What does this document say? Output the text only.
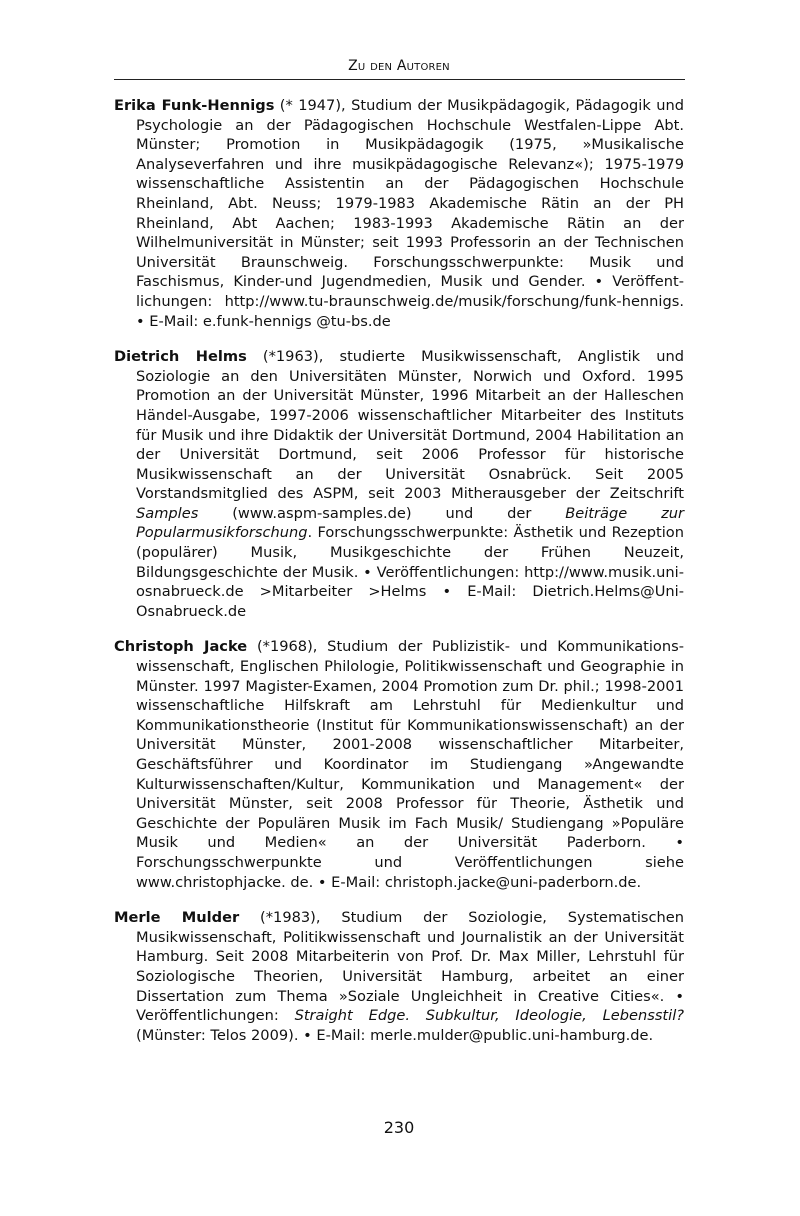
Zu den Autoren

Erika Funk-Hennigs (* 1947), Studium der Musikpädagogik, Pädagogik und Psychologie an der Pädagogischen Hochschule Westfalen-Lippe Abt. Münster; Promotion in Musikpädagogik (1975, »Musikalische Analyseverfahren und ihre musikpädagogische Relevanz«); 1975-1979 wissenschaftliche Assistentin an der Pädagogischen Hochschule Rheinland, Abt. Neuss; 1979-1983 Akademische Rätin an der PH Rheinland, Abt Aachen; 1983-1993 Akademische Rätin an der Wilhelmuniversität in Münster; seit 1993 Professorin an der Technischen Universität Braunschweig. Forschungsschwerpunkte: Musik und Faschismus, Kinder-und Jugendmedien, Musik und Gender. • Veröffentlichungen: http://www.tu-braunschweig.de/musik/forschung/funk-hennigs. • E-Mail: e.funk-hennigs @tu-bs.de

Dietrich Helms (*1963), studierte Musikwissenschaft, Anglistik und Soziologie an den Universitäten Münster, Norwich und Oxford. 1995 Promotion an der Universität Münster, 1996 Mitarbeit an der Halleschen Händel-Ausgabe, 1997-2006 wissenschaftlicher Mitarbeiter des Instituts für Musik und ihre Didaktik der Universität Dortmund, 2004 Habilitation an der Universität Dortmund, seit 2006 Professor für historische Musikwissenschaft an der Universität Osnabrück. Seit 2005 Vorstandsmitglied des ASPM, seit 2003 Mitherausgeber der Zeitschrift Samples (www.aspm-samples.de) und der Beiträge zur Popularmusikforschung. Forschungsschwerpunkte: Ästhetik und Rezeption (populärer) Musik, Musikgeschichte der Frühen Neuzeit, Bildungsgeschichte der Musik. • Veröffentlichungen: http://www.musik.uni-osnabrueck.de >Mitarbeiter >Helms • E-Mail: Dietrich.Helms@Uni-Osnabrueck.de

Christoph Jacke (*1968), Studium der Publizistik- und Kommunikationswissenschaft, Englischen Philologie, Politikwissenschaft und Geographie in Münster. 1997 Magister-Examen, 2004 Promotion zum Dr. phil.; 1998-2001 wissenschaftliche Hilfskraft am Lehrstuhl für Medienkultur und Kommunikationstheorie (Institut für Kommunikationswissenschaft) an der Universität Münster, 2001-2008 wissenschaftlicher Mitarbeiter, Geschäftsführer und Koordinator im Studiengang »Angewandte Kulturwissenschaften/Kultur, Kommunikation und Management« der Universität Münster, seit 2008 Professor für Theorie, Ästhetik und Geschichte der Populären Musik im Fach Musik/ Studiengang »Populäre Musik und Medien« an der Universität Paderborn. • Forschungsschwerpunkte und Veröffentlichungen siehe www.christophjacke. de. • E-Mail: christoph.jacke@uni-paderborn.de.

Merle Mulder (*1983), Studium der Soziologie, Systematischen Musikwissenschaft, Politikwissenschaft und Journalistik an der Universität Hamburg. Seit 2008 Mitarbeiterin von Prof. Dr. Max Miller, Lehrstuhl für Soziologische Theorien, Universität Hamburg, arbeitet an einer Dissertation zum Thema »Soziale Ungleichheit in Creative Cities«. • Veröffentlichungen: Straight Edge. Subkultur, Ideologie, Lebensstil? (Münster: Telos 2009). • E-Mail: merle.mulder@public.uni-hamburg.de.

230
